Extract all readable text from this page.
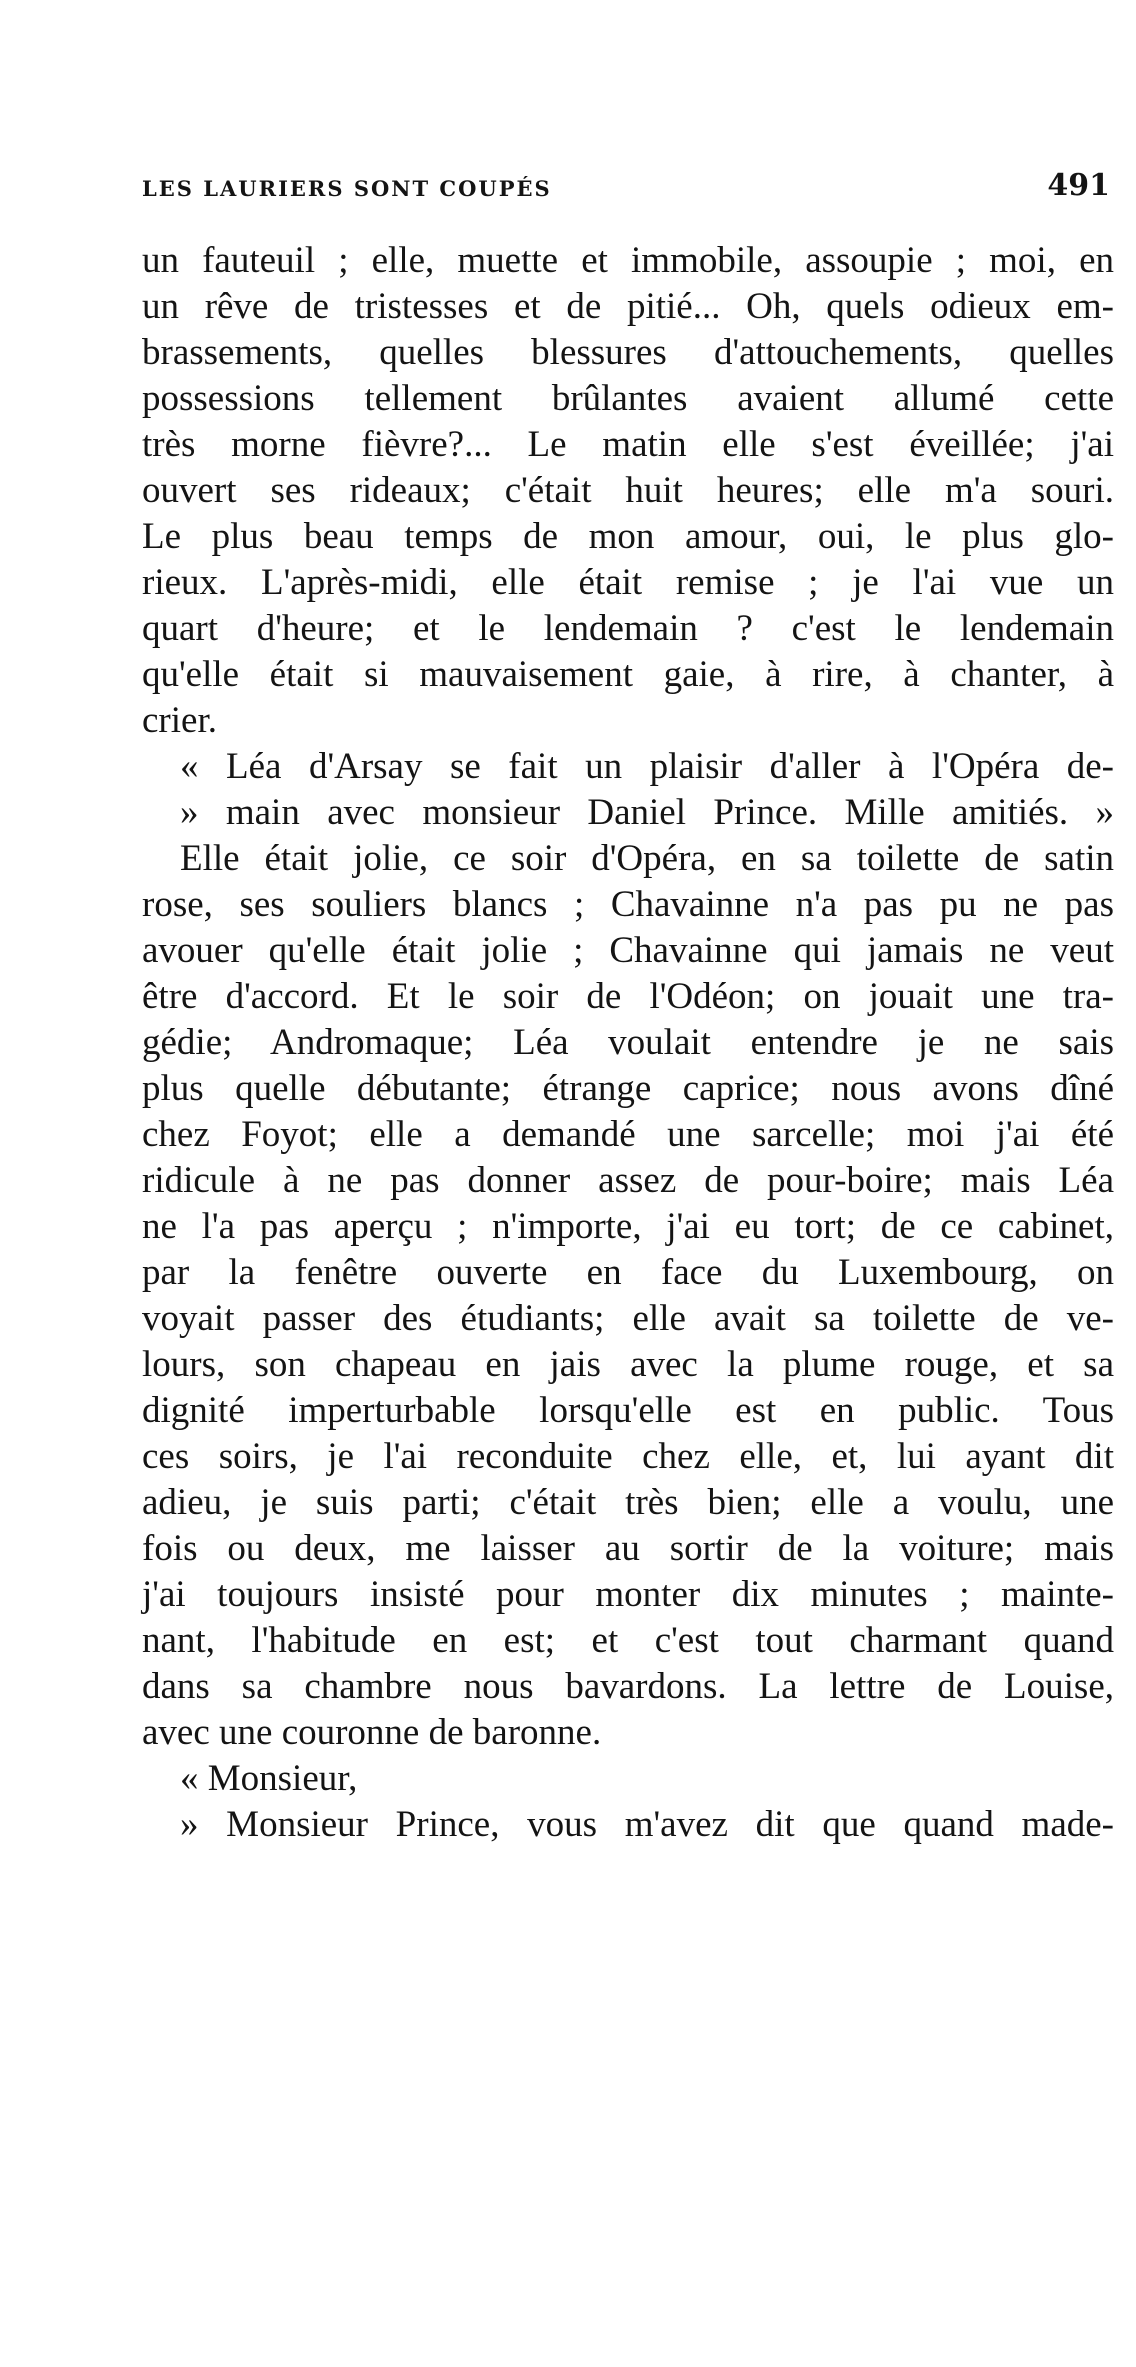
LES LAURIERS SONT COUPÉS	491
un fauteuil ; elle, muette et immobile, assoupie ; moi, en
un rêve de tristesses et de pitié... Oh, quels odieux em-
brassements, quelles blessures d'attouchements, quelles
possessions tellement brûlantes avaient allumé cette
très morne fièvre?... Le matin elle s'est éveillée; j'ai
ouvert ses rideaux; c'était huit heures; elle m'a souri.
Le plus beau temps de mon amour, oui, le plus glo-
rieux. L'après-midi, elle était remise ; je l'ai vue un
quart d'heure; et le lendemain ? c'est le lendemain
qu'elle était si mauvaisement gaie, à rire, à chanter, à
crier.
« Léa d'Arsay se fait un plaisir d'aller à l'Opéra de-
» main avec monsieur Daniel Prince. Mille amitiés. »
Elle était jolie, ce soir d'Opéra, en sa toilette de satin
rose, ses souliers blancs ; Chavainne n'a pas pu ne pas
avouer qu'elle était jolie ; Chavainne qui jamais ne veut
être d'accord. Et le soir de l'Odéon; on jouait une tra-
gédie; Andromaque; Léa voulait entendre je ne sais
plus quelle débutante; étrange caprice; nous avons dîné
chez Foyot; elle a demandé une sarcelle; moi j'ai été
ridicule à ne pas donner assez de pour-boire; mais Léa
ne l'a pas aperçu ; n'importe, j'ai eu tort; de ce cabinet,
par la fenêtre ouverte en face du Luxembourg, on
voyait passer des étudiants; elle avait sa toilette de ve-
lours, son chapeau en jais avec la plume rouge, et sa
dignité imperturbable lorsqu'elle est en public. Tous
ces soirs, je l'ai reconduite chez elle, et, lui ayant dit
adieu, je suis parti; c'était très bien; elle a voulu, une
fois ou deux, me laisser au sortir de la voiture; mais
j'ai toujours insisté pour monter dix minutes ; mainte-
nant, l'habitude en est; et c'est tout charmant quand
dans sa chambre nous bavardons. La lettre de Louise,
avec une couronne de baronne.
« Monsieur,
» Monsieur Prince, vous m'avez dit que quand made-
